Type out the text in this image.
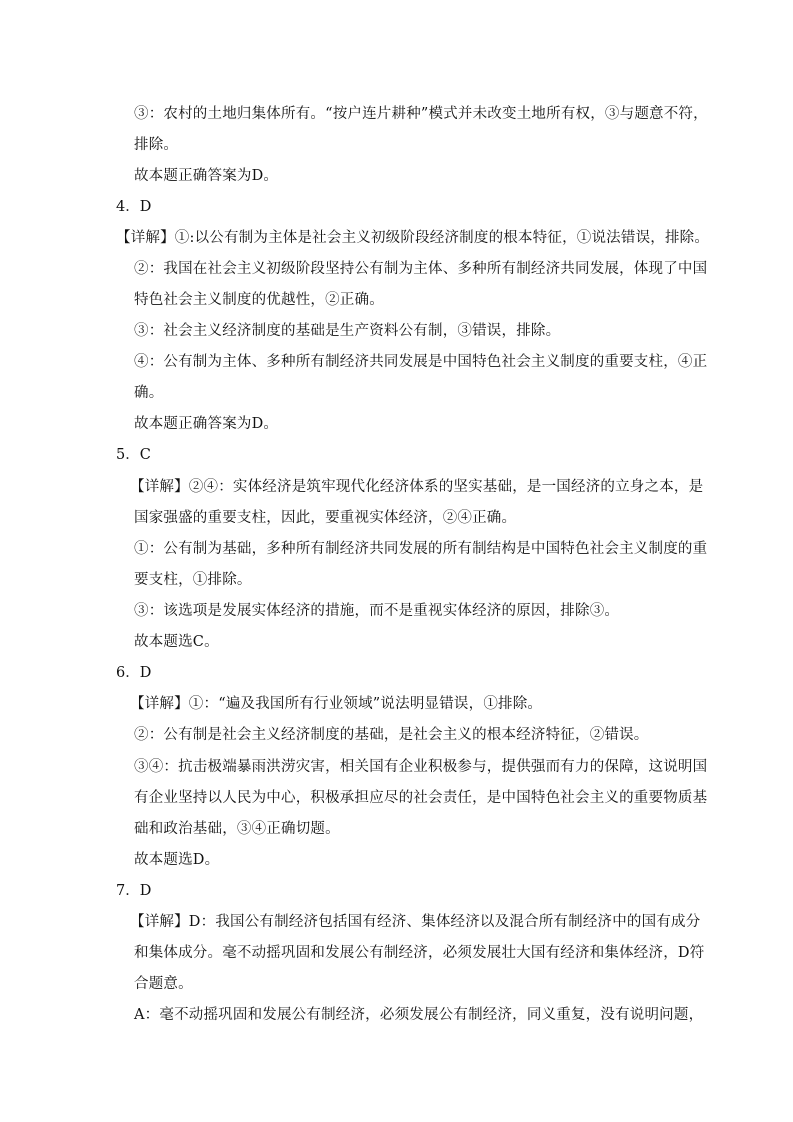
③：农村的土地归集体所有。“按户连片耕种”模式并未改变土地所有权，③与题意不符，
排除。
故本题正确答案为D。
4．D
【详解】①:以公有制为主体是社会主义初级阶段经济制度的根本特征，①说法错误，排除。
②：我国在社会主义初级阶段坚持公有制为主体、多种所有制经济共同发展，体现了中国
特色社会主义制度的优越性，②正确。
③：社会主义经济制度的基础是生产资料公有制，③错误，排除。
④：公有制为主体、多种所有制经济共同发展是中国特色社会主义制度的重要支柱，④正
确。
故本题正确答案为D。
5．C
【详解】②④：实体经济是筑牢现代化经济体系的坚实基础，是一国经济的立身之本，是
国家强盛的重要支柱，因此，要重视实体经济，②④正确。
①：公有制为基础，多种所有制经济共同发展的所有制结构是中国特色社会主义制度的重
要支柱，①排除。
③：该选项是发展实体经济的措施，而不是重视实体经济的原因，排除③。
故本题选C。
6．D
【详解】①：“遍及我国所有行业领域”说法明显错误，①排除。
②：公有制是社会主义经济制度的基础，是社会主义的根本经济特征，②错误。
③④：抗击极端暴雨洪涝灾害，相关国有企业积极参与，提供强而有力的保障，这说明国
有企业坚持以人民为中心，积极承担应尽的社会责任，是中国特色社会主义的重要物质基
础和政治基础，③④正确切题。
故本题选D。
7．D
【详解】D：我国公有制经济包括国有经济、集体经济以及混合所有制经济中的国有成分
和集体成分。毫不动摇巩固和发展公有制经济，必须发展壮大国有经济和集体经济，D符
合题意。
A：毫不动摇巩固和发展公有制经济，必须发展公有制经济，同义重复，没有说明问题，
